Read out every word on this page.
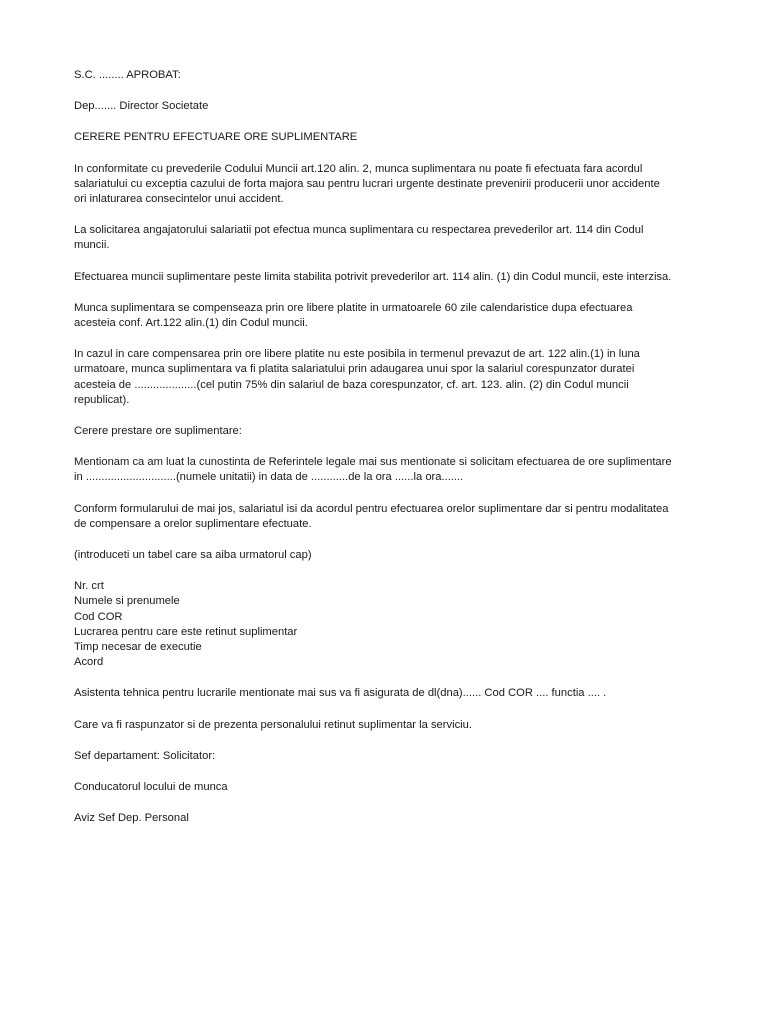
S.C. ........ APROBAT:

Dep....... Director Societate

CERERE PENTRU EFECTUARE ORE SUPLIMENTARE

In conformitate cu prevederile Codului Muncii art.120 alin. 2, munca suplimentara nu poate fi efectuata fara acordul
salariatului cu exceptia cazului de forta majora sau pentru lucrari urgente destinate prevenirii producerii unor accidente
ori inlaturarea consecintelor unui accident.

La solicitarea angajatorului salariatii pot efectua munca suplimentara cu respectarea prevederilor art. 114 din Codul
muncii.

Efectuarea muncii suplimentare peste limita stabilita potrivit prevederilor art. 114 alin. (1) din Codul muncii, este interzisa.

Munca suplimentara se compenseaza prin ore libere platite in urmatoarele 60 zile calendaristice dupa efectuarea
acesteia conf. Art.122 alin.(1) din Codul muncii.

In cazul in care compensarea prin ore libere platite nu este posibila in termenul prevazut de art. 122 alin.(1) in luna
urmatoare, munca suplimentara va fi platita salariatului prin adaugarea unui spor la salariul corespunzator duratei
acesteia de ....................(cel putin 75% din salariul de baza corespunzator, cf. art. 123. alin. (2) din Codul muncii
republicat).

Cerere prestare ore suplimentare:

Mentionam ca am luat la cunostinta de Referintele legale mai sus mentionate si solicitam efectuarea de ore suplimentare
in .............................(numele unitatii) in data de ............de la ora ......la ora.......

Conform formularului de mai jos, salariatul isi da acordul pentru efectuarea orelor suplimentare dar si pentru modalitatea
de compensare a orelor suplimentare efectuate.

(introduceti un tabel care sa aiba urmatorul cap)

Nr. crt
Numele si prenumele
Cod COR
Lucrarea pentru care este retinut suplimentar
Timp necesar de executie
Acord

Asistenta tehnica pentru lucrarile mentionate mai sus va fi asigurata de dl(dna)...... Cod COR .... functia .... .

Care va fi raspunzator si de prezenta personalului retinut suplimentar la serviciu.

Sef departament: Solicitator:

Conducatorul locului de munca

Aviz Sef Dep. Personal
